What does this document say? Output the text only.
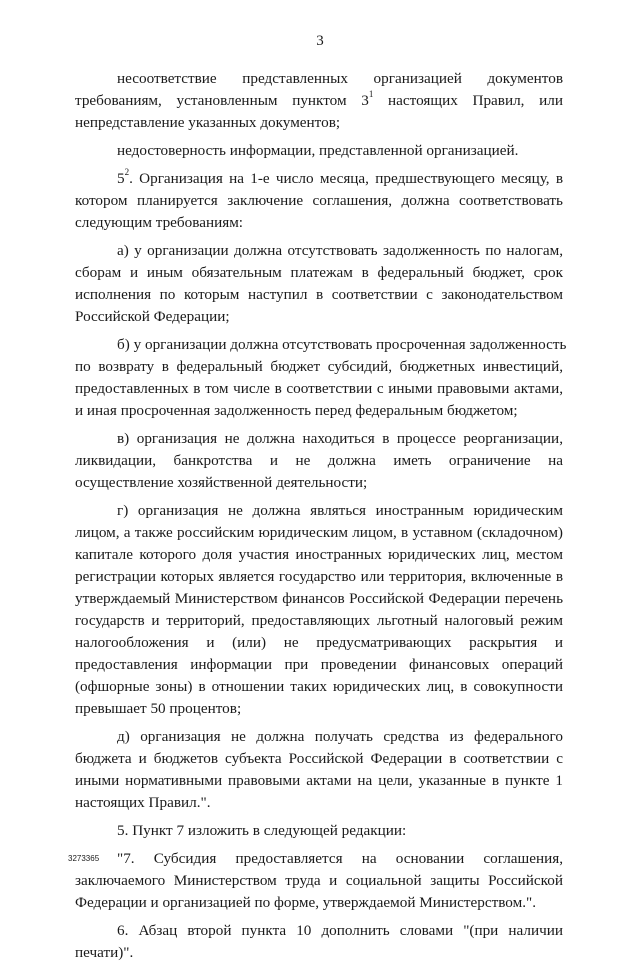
3
несоответствие представленных организацией документов
требованиям, установленным пунктом $3^1$ настоящих Правил, или
непредставление указанных документов;
недостоверность информации, представленной организацией.
$5^2$. Организация на 1-е число месяца, предшествующего месяцу, в
котором планируется заключение соглашения, должна соответствовать
следующим требованиям:
а) у организации должна отсутствовать задолженность по налогам,
сборам и иным обязательным платежам в федеральный бюджет, срок
исполнения по которым наступил в соответствии с законодательством
Российской Федерации;
б) у организации должна отсутствовать просроченная задолженность
по возврату в федеральный бюджет субсидий, бюджетных инвестиций,
предоставленных в том числе в соответствии с иными правовыми актами,
и иная просроченная задолженность перед федеральным бюджетом;
в) организация не должна находиться в процессе реорганизации,
ликвидации, банкротства и не должна иметь ограничение на
осуществление хозяйственной деятельности;
г) организация не должна являться иностранным юридическим
лицом, а также российским юридическим лицом, в уставном (складочном)
капитале которого доля участия иностранных юридических лиц, местом
регистрации которых является государство или территория, включенные в
утверждаемый Министерством финансов Российской Федерации перечень
государств и территорий, предоставляющих льготный налоговый режим
налогообложения и (или) не предусматривающих раскрытия и
предоставления информации при проведении финансовых операций
(офшорные зоны) в отношении таких юридических лиц, в совокупности
превышает 50 процентов;
д) организация не должна получать средства из федерального
бюджета и бюджетов субъекта Российской Федерации в соответствии с
иными нормативными правовыми актами на цели, указанные в пункте 1
настоящих Правил.".
5. Пункт 7 изложить в следующей редакции:
"7. Субсидия предоставляется на основании соглашения,
заключаемого Министерством труда и социальной защиты Российской
Федерации и организацией по форме, утверждаемой Министерством.".
6. Абзац второй пункта 10 дополнить словами "(при наличии
печати)".
3273365
